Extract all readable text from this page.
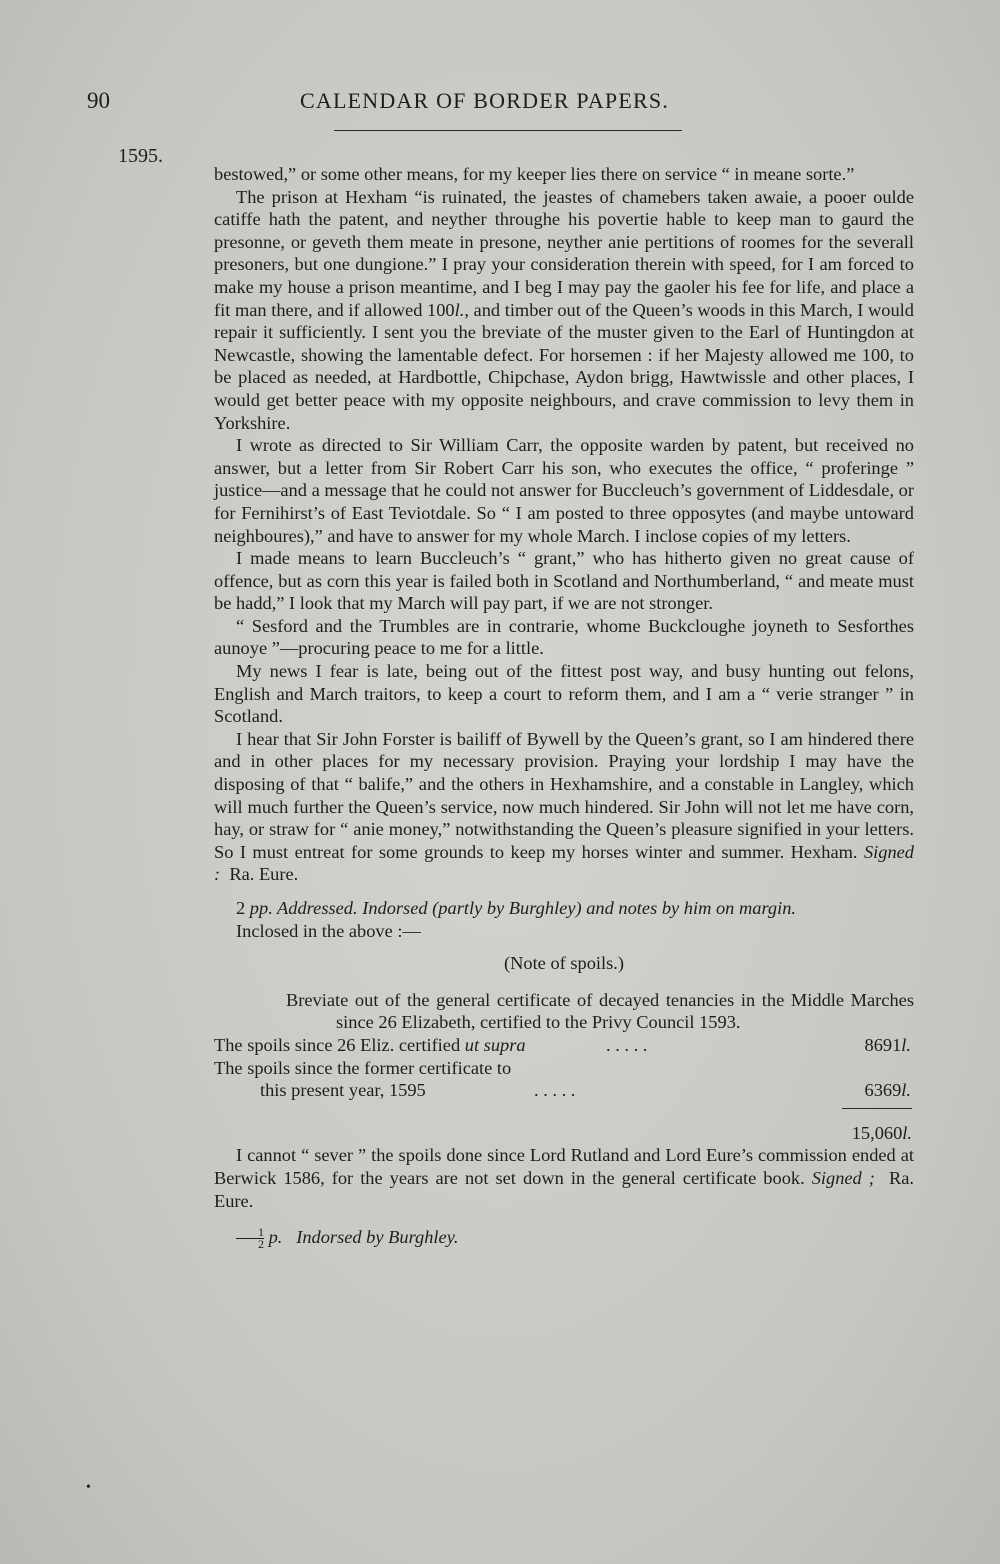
90	CALENDAR OF BORDER PAPERS.
1595.

bestowed,” or some other means, for my keeper lies there on service “ in meane sorte.”

The prison at Hexham “is ruinated, the jeastes of chamebers taken awaie, a pooer oulde catiffe hath the patent, and neyther throughe his povertie hable to keep man to gaurd the presonne, or geveth them meate in presone, neyther anie pertitions of roomes for the severall presoners, but one dungione.” I pray your consideration therein with speed, for I am forced to make my house a prison meantime, and I beg I may pay the gaoler his fee for life, and place a fit man there, and if allowed 100l., and timber out of the Queen’s woods in this March, I would repair it sufficiently. I sent you the breviate of the muster given to the Earl of Huntingdon at Newcastle, showing the lamentable defect. For horsemen : if her Majesty allowed me 100, to be placed as needed, at Hardbottle, Chipchase, Aydon brigg, Hawtwissle and other places, I would get better peace with my opposite neighbours, and crave commission to levy them in Yorkshire.

I wrote as directed to Sir William Carr, the opposite warden by patent, but received no answer, but a letter from Sir Robert Carr his son, who executes the office, “ proferinge ” justice—and a message that he could not answer for Buccleuch’s government of Liddesdale, or for Fernihirst’s of East Teviotdale. So “ I am posted to three opposytes (and maybe untoward neighboures),” and have to answer for my whole March. I inclose copies of my letters.

I made means to learn Buccleuch’s “ grant,” who has hitherto given no great cause of offence, but as corn this year is failed both in Scotland and Northumberland, “ and meate must be hadd,” I look that my March will pay part, if we are not stronger.

“ Sesford and the Trumbles are in contrarie, whome Buckcloughe joyneth to Sesforthes aunoye ”—procuring peace to me for a little.

My news I fear is late, being out of the fittest post way, and busy hunting out felons, English and March traitors, to keep a court to reform them, and I am a “ verie stranger ” in Scotland.

I hear that Sir John Forster is bailiff of Bywell by the Queen’s grant, so I am hindered there and in other places for my necessary provision. Praying your lordship I may have the disposing of that “ balife,” and the others in Hexhamshire, and a constable in Langley, which will much further the Queen’s service, now much hindered. Sir John will not let me have corn, hay, or straw for “ anie money,” notwithstanding the Queen’s pleasure signified in your letters. So I must entreat for some grounds to keep my horses winter and summer. Hexham. Signed : Ra. Eure.

2 pp. Addressed. Indorsed (partly by Burghley) and notes by him on margin.

Inclosed in the above :—

(Note of spoils.)

Breviate out of the general certificate of decayed tenancies in the Middle Marches since 26 Elizabeth, certified to the Privy Council 1593.

The spoils since 26 Eliz. certified ut supra	. . . . .	8691l.
The spoils since the former certificate to
this present year, 1595	. . . . .	6369l.

15,060l.

I cannot “ sever ” the spoils done since Lord Rutland and Lord Eure’s commission ended at Berwick 1586, for the years are not set down in the general certificate book. Signed ; Ra. Eure.

$\frac{1}{2} p$. Indorsed by Burghley.

•
